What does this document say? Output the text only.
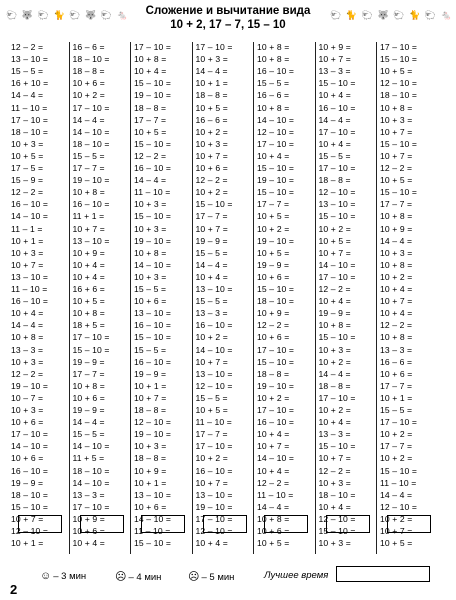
🐑 🐺 🐑 🐈 🐑 🐺 🐑 🐁	Сложение и вычитание вида
10 + 2, 17 – 7, 15 – 10
🐑 🐈 🐑 🐺 🐑 🐈 🐑 🐁
12 – 2 =
13 – 10 =
15 – 5 =
16 + 10 =
14 – 4 =
11 – 10 =
17 – 10 =
18 – 10 =
10 + 3 =
10 + 5 =
17 – 5 =
15 – 9 =
12 – 2 =
16 – 10 =
14 – 10 =
11 – 1 =
10 + 1 =
10 + 3 =
10 + 7 =
13 – 10 =
11 – 10 =
16 – 10 =
10 + 4 =
14 – 4 =
10 + 8 =
13 – 3 =
10 + 3 =
12 – 2 =
19 – 10 =
10 – 7 =
10 + 3 =
10 + 6 =
17 – 10 =
14 – 10 =
10 + 6 =
16 – 10 =
19 – 9 =
18 – 10 =
15 – 10 =
10 + 7 =
12 – 10 =
10 + 1 =
16 – 6 =
18 – 10 =
18 – 8 =
10 + 6 =
10 + 2 =
17 – 10 =
14 – 4 =
14 – 10 =
18 – 10 =
15 – 5 =
17 – 7 =
19 – 10 =
10 + 8 =
16 – 10 =
11 + 1 =
10 + 7 =
13 – 10 =
10 + 9 =
10 + 4 =
10 + 4 =
16 + 6 =
10 + 5 =
10 + 8 =
18 + 5 =
17 – 10 =
15 – 10 =
19 – 9 =
17 – 7 =
10 + 8 =
10 + 6 =
19 – 9 =
14 – 4 =
15 – 5 =
14 – 10 =
11 + 5 =
18 – 10 =
14 – 10 =
13 – 3 =
17 – 10 =
10 + 9 =
10 + 6 =
10 + 4 =
17 – 10 =
10 + 8 =
10 + 4 =
15 – 10 =
19 – 10 =
18 – 8 =
17 – 7 =
10 + 5 =
15 – 10 =
12 – 2 =
16 – 10 =
14 – 4 =
11 – 10 =
10 + 3 =
15 – 10 =
10 + 3 =
19 – 10 =
10 + 8 =
14 – 10 =
10 + 3 =
15 – 5 =
10 + 6 =
13 – 10 =
16 – 10 =
15 – 10 =
15 – 5 =
16 – 10 =
19 – 9 =
10 + 1 =
10 + 7 =
18 – 8 =
12 – 10 =
19 – 10 =
10 + 3 =
18 – 8 =
10 + 9 =
10 + 1 =
13 – 10 =
10 + 6 =
14 – 10 =
11 – 10 =
15 – 10 =
17 – 10 =
10 + 3 =
14 – 4 =
10 + 1 =
18 – 8 =
10 + 5 =
16 – 6 =
10 + 2 =
10 + 3 =
10 + 7 =
10 + 6 =
12 – 2 =
10 + 2 =
15 – 10 =
17 – 7 =
10 + 7 =
19 – 9 =
15 – 5 =
14 – 4 =
10 + 4 =
13 – 10 =
15 – 5 =
13 – 3 =
16 – 10 =
10 + 2 =
14 – 10 =
10 + 7 =
13 – 10 =
12 – 10 =
15 – 5 =
10 + 5 =
11 – 10 =
17 – 7 =
17 – 10 =
10 + 2 =
16 – 10 =
10 + 7 =
13 – 10 =
19 – 10 =
17 – 10 =
12 – 10 =
10 + 4 =
10 + 8 =
10 + 8 =
16 – 10 =
15 – 5 =
16 – 6 =
10 + 8 =
14 – 10 =
12 – 10 =
17 – 10 =
10 + 4 =
15 – 10 =
19 – 10 =
15 – 10 =
17 – 7 =
10 + 5 =
10 + 2 =
19 – 10 =
10 + 5 =
19 – 9 =
10 + 6 =
15 – 10 =
18 – 10 =
10 + 9 =
12 – 2 =
10 + 6 =
17 – 10 =
15 – 10 =
18 – 8 =
19 – 10 =
10 + 2 =
17 – 10 =
16 – 10 =
10 + 4 =
10 + 7 =
14 – 10 =
10 + 4 =
12 – 2 =
11 – 10 =
14 – 4 =
10 + 8 =
10 + 6 =
10 + 5 =
10 + 9 =
10 + 7 =
13 – 3 =
15 – 10 =
10 + 4 =
16 – 10 =
14 – 4 =
17 – 10 =
10 + 4 =
15 – 5 =
17 – 10 =
18 – 8 =
12 – 10 =
13 – 10 =
15 – 10 =
10 + 2 =
10 + 5 =
10 + 7 =
14 – 10 =
17 – 10 =
12 – 2 =
10 + 4 =
19 – 9 =
10 + 8 =
15 – 10 =
10 + 3 =
10 + 2 =
14 – 4 =
18 – 8 =
17 – 10 =
10 + 2 =
10 + 4 =
13 – 3 =
15 – 10 =
10 + 7 =
12 – 2 =
10 + 3 =
18 – 10 =
10 + 4 =
12 – 10 =
15 – 10 =
10 + 3 =
17 – 10 =
15 – 10 =
10 + 5 =
12 – 10 =
18 – 10 =
10 + 8 =
10 + 3 =
10 + 7 =
15 – 10 =
10 + 7 =
12 – 2 =
10 + 5 =
15 – 10 =
17 – 7 =
10 + 8 =
10 + 9 =
14 – 4 =
10 + 3 =
10 + 8 =
10 + 2 =
10 + 4 =
10 + 7 =
10 + 4 =
12 – 2 =
10 + 8 =
13 – 3 =
16 – 6 =
10 + 6 =
17 – 7 =
10 + 1 =
15 – 5 =
17 – 10 =
10 + 2 =
17 – 7 =
10 + 2 =
15 – 10 =
11 – 10 =
14 – 4 =
12 – 10 =
10 + 2 =
10 + 7 =
10 + 5 =
☺ – 3 мин	☹ – 4 мин ☹ – 5 мин	Лучшее время
2
